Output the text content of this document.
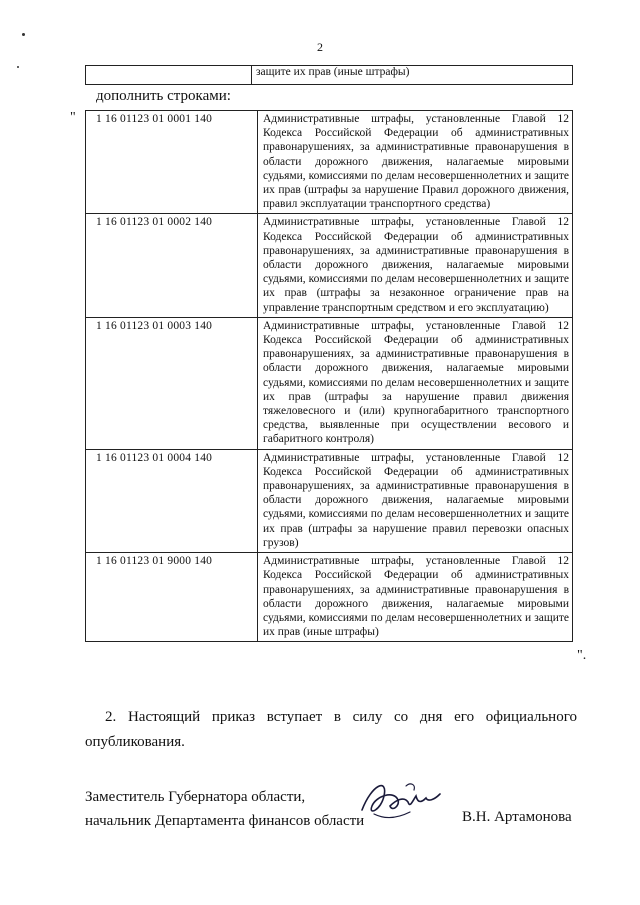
2
	защите их прав (иные штрафы)
дополнить строками:
" 1 16 01123 01 0001 140	Административные штрафы, установленные Главой 12 Кодекса Российской Федерации об административных правонарушениях, за административные правонарушения в области дорожного движения, налагаемые мировыми судьями, комиссиями по делам несовершеннолетних и защите их прав (штрафы за нарушение Правил дорожного движения, правил эксплуатации транспортного средства)
1 16 01123 01 0002 140	Административные штрафы, установленные Главой 12 Кодекса Российской Федерации об административных правонарушениях, за административные правонарушения в области дорожного движения, налагаемые мировыми судьями, комиссиями по делам несовершеннолетних и защите их прав (штрафы за незаконное ограничение прав на управление транспортным средством и его эксплуатацию)
1 16 01123 01 0003 140	Административные штрафы, установленные Главой 12 Кодекса Российской Федерации об административных правонарушениях, за административные правонарушения в области дорожного движения, налагаемые мировыми судьями, комиссиями по делам несовершеннолетних и защите их прав (штрафы за нарушение правил движения тяжеловесного и (или) крупногабаритного транспортного средства, выявленные при осуществлении весового и габаритного контроля)
1 16 01123 01 0004 140	Административные штрафы, установленные Главой 12 Кодекса Российской Федерации об административных правонарушениях, за административные правонарушения в области дорожного движения, налагаемые мировыми судьями, комиссиями по делам несовершеннолетних и защите их прав (штрафы за нарушение правил перевозки опасных грузов)
1 16 01123 01 9000 140	Административные штрафы, установленные Главой 12 Кодекса Российской Федерации об административных правонарушениях, за административные правонарушения в области дорожного движения, налагаемые мировыми судьями, комиссиями по делам несовершеннолетних и защите их прав (иные штрафы)
".
2. Настоящий приказ вступает в силу со дня его официального опубликования.
Заместитель Губернатора области,
начальник Департамента финансов области	В.Н. Артамонова
